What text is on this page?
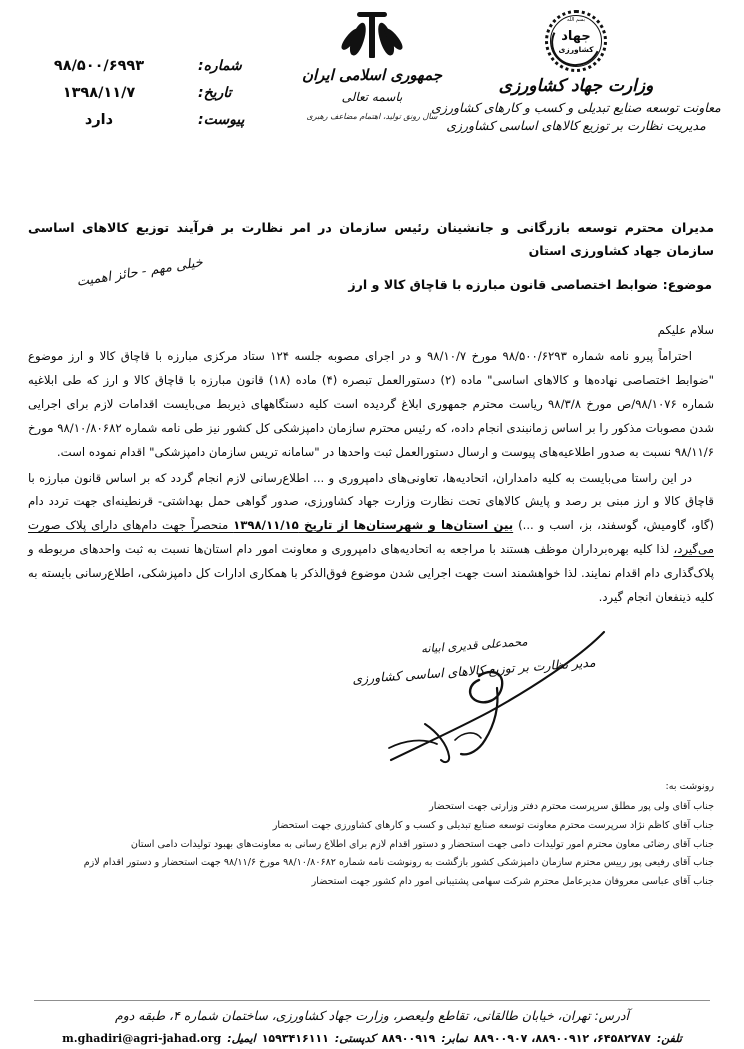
بسم الله
جهاد
کشاورزی
وزارت جهاد کشاورزی
معاونت توسعه صنایع تبدیلی و کسب و کارهای کشاورزی
مدیریت نظارت بر توزیع کالاهای اساسی کشاورزی
جمهوری اسلامی ایران
باسمه تعالی
سال رونق تولید، اهتمام مضاعف رهبری
شماره:
۹۸/۵۰۰/۶۹۹۳
تاریخ:
۱۳۹۸/۱۱/۷
پیوست:
دارد
مدیران محترم توسعه بازرگانی و جانشینان رئیس سازمان در امر نظارت بر فرآیند توزیع کالاهای اساسی سازمان جهاد کشاورزی استان
موضوع: ضوابط اختصاصی قانون مبارزه با قاچاق کالا و ارز
خیلی مهم - حائز اهمیت
سلام علیکم

احتراماً پیرو نامه شماره ۹۸/۵۰۰/۶۲۹۳ مورخ ۹۸/۱۰/۷ و در اجرای مصوبه جلسه ۱۲۴ ستاد مرکزی مبارزه با قاچاق کالا و ارز موضوع "ضوابط اختصاصی نهاده‌ها و کالاهای اساسی" ماده (۲) دستورالعمل تبصره (۴) ماده (۱۸) قانون مبارزه با قاچاق کالا و ارز که طی ابلاغیه شماره ۹۸/۱۰۷۶/ص مورخ ۹۸/۳/۸ ریاست محترم جمهوری ابلاغ گردیده است کلیه دستگاههای ذیربط می‌بایست اقدامات لازم برای اجرایی شدن مصوبات مذکور را بر اساس زمانبندی انجام داده، که رئیس محترم سازمان دامپزشکی کل کشور نیز طی نامه شماره ۹۸/۱۰/۸۰۶۸۲ مورخ ۹۸/۱۱/۶ نسبت به صدور اطلاعیه‌های پیوست و ارسال دستورالعمل ثبت واحدها در "سامانه تریس سازمان دامپزشکی" اقدام نموده است.

در این راستا می‌بایست به کلیه دامداران، اتحادیه‌ها، تعاونی‌های دامپروری و ... اطلاع‌رسانی لازم انجام گردد که بر اساس قانون مبارزه با قاچاق کالا و ارز مبنی بر رصد و پایش کالاهای تحت نظارت وزارت جهاد کشاورزی، صدور گواهی حمل بهداشتی- قرنطینه‌ای جهت تردد دام (گاو، گاومیش، گوسفند، بز، اسب و ...) بین استان‌ها و شهرستان‌ها از تاریخ ۱۳۹۸/۱۱/۱۵ منحصراً جهت دام‌های دارای پلاک صورت می‌گیرد، لذا کلیه بهره‌برداران موظف هستند با مراجعه به اتحادیه‌های دامپروری و معاونت امور دام استان‌ها نسبت به ثبت واحدهای مربوطه و پلاک‌گذاری دام اقدام نمایند. لذا خواهشمند است جهت اجرایی شدن موضوع فوق‌الذکر با همکاری ادارات کل دامپزشکی، اطلاع‌رسانی بایسته به کلیه ذینفعان انجام گیرد.

محمدعلی قدیری ابیانه
مدیر نظارت بر توزیع کالاهای اساسی کشاورزی
رونوشت به:
جناب آقای ولی پور مطلق سرپرست محترم دفتر وزارتی جهت استحضار
جناب آقای کاظم نژاد سرپرست محترم معاونت توسعه صنایع تبدیلی و کسب و کارهای کشاورزی جهت استحضار
جناب آقای رضائی معاون محترم امور تولیدات دامی جهت استحضار و دستور اقدام لازم برای اطلاع رسانی به معاونت‌های بهبود تولیدات دامی استان
جناب آقای رفیعی پور رییس محترم سازمان دامپزشکی کشور بازگشت به رونوشت نامه شماره ۹۸/۱۰/۸۰۶۸۲ مورخ ۹۸/۱۱/۶ جهت استحضار و دستور اقدام لازم
جناب آقای عباسی معروفان مدیرعامل محترم شرکت سهامی پشتیبانی امور دام کشور جهت استحضار
آدرس: تهران، خیابان طالقانی، تقاطع ولیعصر، وزارت جهاد کشاورزی، ساختمان شماره ۴، طبقه دوم
تلفن:
۶۴۵۸۲۷۸۷، ۸۸۹۰۰۹۱۲، ۸۸۹۰۰۹۰۷
نمابر:
۸۸۹۰۰۹۱۹
کدپستی:
۱۵۹۳۴۱۶۱۱۱
ایمیل:
m.ghadiri@agri-jahad.org
